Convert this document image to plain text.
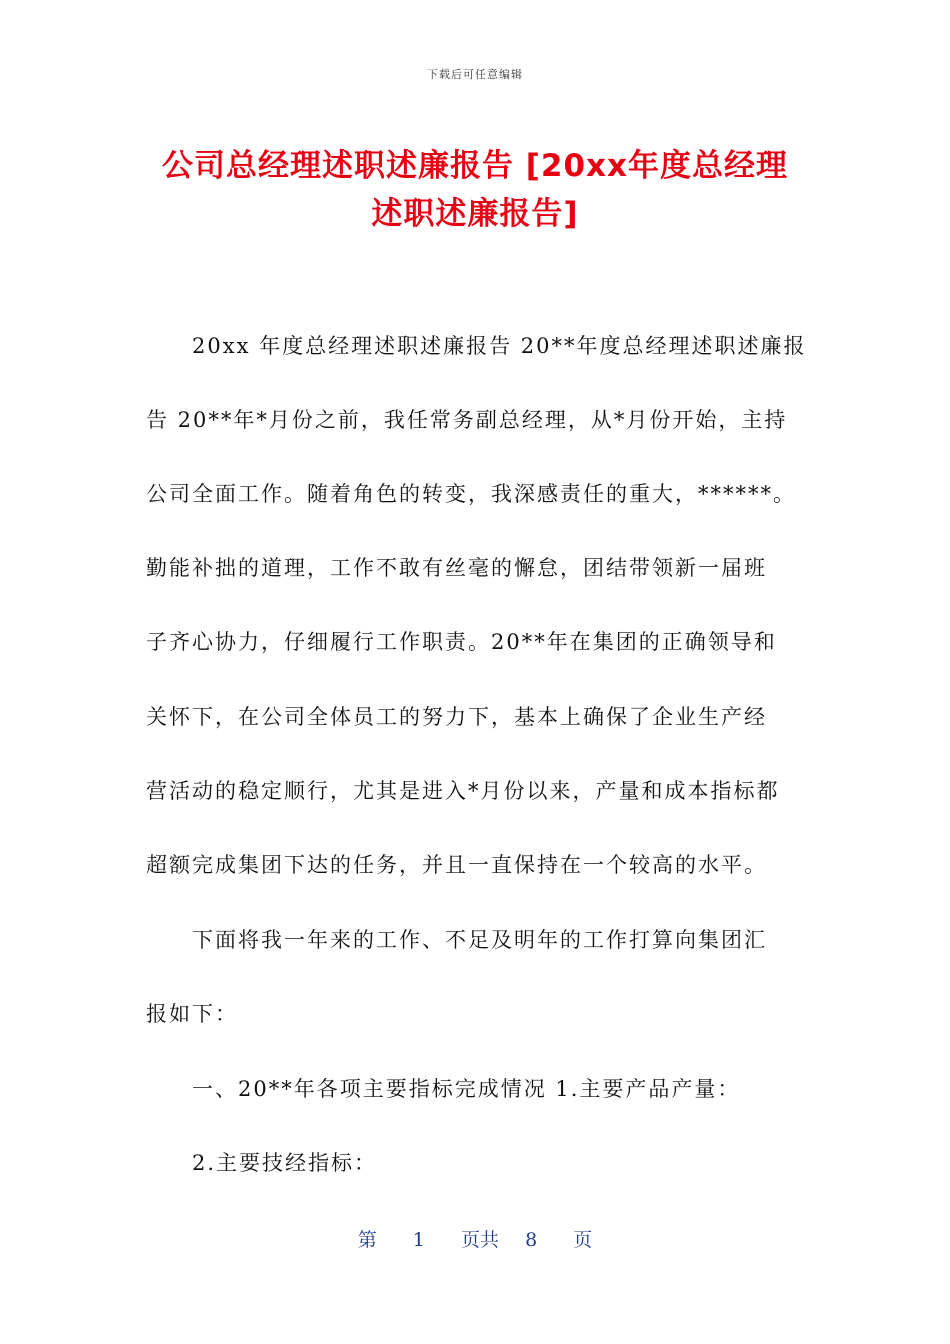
下载后可任意编辑
公司总经理述职述廉报告 [20xx年度总经理
述职述廉报告]
20xx 年度总经理述职述廉报告 20**年度总经理述职述廉报
告 20**年*月份之前，我任常务副总经理，从*月份开始，主持
公司全面工作。随着角色的转变，我深感责任的重大，******。
勤能补拙的道理，工作不敢有丝毫的懈怠，团结带领新一届班
子齐心协力，仔细履行工作职责。20**年在集团的正确领导和
关怀下，在公司全体员工的努力下，基本上确保了企业生产经
营活动的稳定顺行，尤其是进入*月份以来，产量和成本指标都
超额完成集团下达的任务，并且一直保持在一个较高的水平。
下面将我一年来的工作、不足及明年的工作打算向集团汇
报如下：
一、20**年各项主要指标完成情况 1.主要产品产量：
2.主要技经指标：
第 1 页共 8 页
